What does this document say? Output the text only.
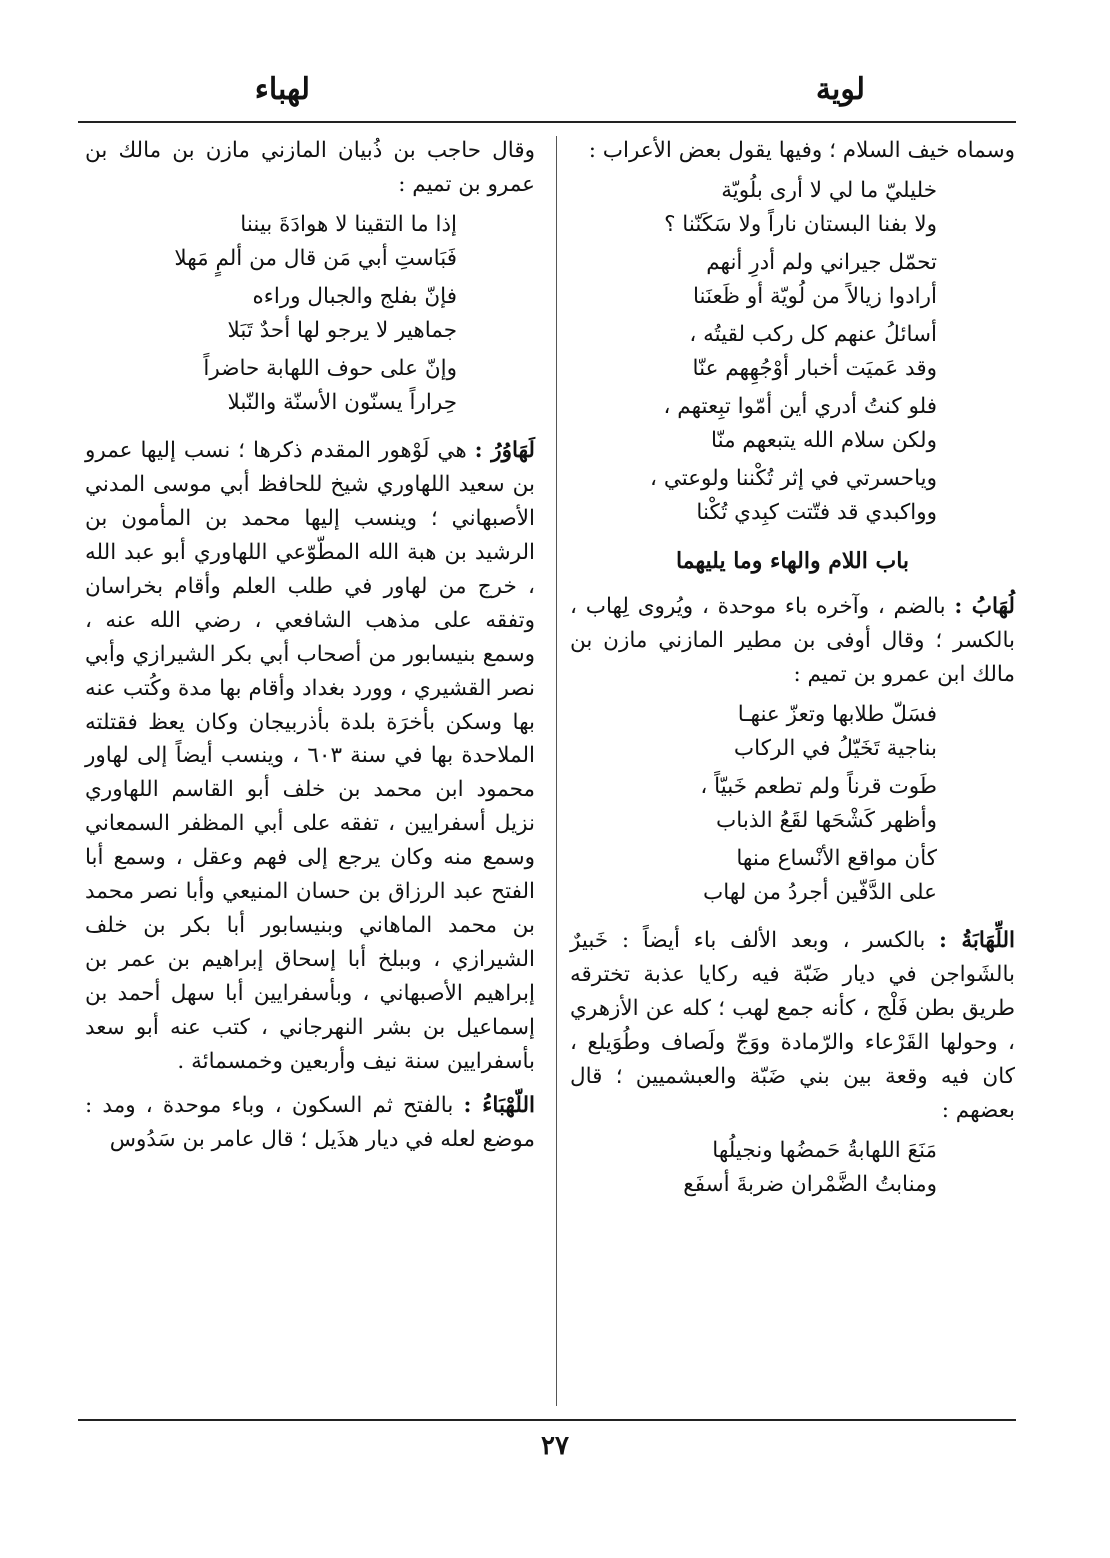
لوية
لهباء

وسماه خيف السلام ؛ وفيها يقول بعض الأعراب :

خليليّ ما لي لا أرى بلُويّة
ولا بفنا البستان ناراً ولا سَكَنّنا ؟
تحمّل جيراني ولم أدرِ أنهم
أرادوا زيالاً من لُويّة أو ظَعنَنا
أسائلُ عنهم كل ركب لقيتُه ،
وقد عَميَت أخبار أوْجُهِهم عنّا
فلو كنتُ أدري أين أمّوا تبِعتهم ،
ولكن سلام الله يتبعهم منّا
وياحسرتي في إثر تُكْننا ولوعتي ،
وواكبدي قد فتّتت كبِدي تُكْنا
باب اللام والهاء وما يليهما

لُهَابُ : بالضم ، وآخره باء موحدة ، ويُروى لِهاب ، بالكسر ؛ وقال أوفى بن مطير المازني مازن بن مالك ابن عمرو بن تميم :

فسَلّ طلابها وتعزّ عنهـا
بناجية تَخَيّلُ في الركاب
طَوت قرناً ولم تطعم خَبيّاً ،
وأظهر كَشْحَها لقَعُ الذباب
كأن مواقع الأنْساع منها
على الدَّفّين أجردُ من لهاب

اللِّهَابَةُ : بالكسر ، وبعد الألف باء أيضاً : خَبيرٌ بالشَواجن في ديار ضَبّة فيه ركايا عذبة تخترقه طريق بطن فَلْج ، كأنه جمع لهب ؛ كله عن الأزهري ، وحولها القَرْعاء والرّمادة ووَجّ ولَصاف وطُوَيلع ، كان فيه وقعة بين بني ضَبّة والعبشميين ؛ قال بعضهم :

مَنَعَ اللهابةُ حَمضُها ونجيلُها
ومنابتُ الضَّمْران ضربةَ أسفَع

وقال حاجب بن ذُبيان المازني مازن بن مالك بن عمرو بن تميم :

إذا ما التقينا لا هوادَةَ بيننا
فَبَاستِ أبي مَن قال من ألمٍ مَهلا
فإنّ بفلج والجبال وراءه
جماهير لا يرجو لها أحدٌ تَبَلا
وإنّ على حوف اللهابة حاضراً
حِراراً يسنّون الأسنّة والنّبلا

لَهَاوُرُ : هي لَوْهور المقدم ذكرها ؛ نسب إليها عمرو بن سعيد اللهاوري شيخ للحافظ أبي موسى المدني الأصبهاني ؛ وينسب إليها محمد بن المأمون بن الرشيد بن هبة الله المطّوّعي اللهاوري أبو عبد الله ، خرج من لهاور في طلب العلم وأقام بخراسان وتفقه على مذهب الشافعي ، رضي الله عنه ، وسمع بنيسابور من أصحاب أبي بكر الشيرازي وأبي نصر القشيري ، وورد بغداد وأقام بها مدة وكُتب عنه بها وسكن بأخرَة بلدة بأذربيجان وكان يعظ فقتلته الملاحدة بها في سنة ٦٠٣ ، وينسب أيضاً إلى لهاور محمود ابن محمد بن خلف أبو القاسم اللهاوري نزيل أسفرايين ، تفقه على أبي المظفر السمعاني وسمع منه وكان يرجع إلى فهم وعقل ، وسمع أبا الفتح عبد الرزاق بن حسان المنيعي وأبا نصر محمد بن محمد الماهاني وبنيسابور أبا بكر بن خلف الشيرازي ، وببلخ أبا إسحاق إبراهيم بن عمر بن إبراهيم الأصبهاني ، وبأسفرايين أبا سهل أحمد بن إسماعيل بن بشر النهرجاني ، كتب عنه أبو سعد بأسفرايين سنة نيف وأربعين وخمسمائة .

اللّهْبَاءُ : بالفتح ثم السكون ، وباء موحدة ، ومد : موضع لعله في ديار هذَيل ؛ قال عامر بن سَدُوس

٢٧
